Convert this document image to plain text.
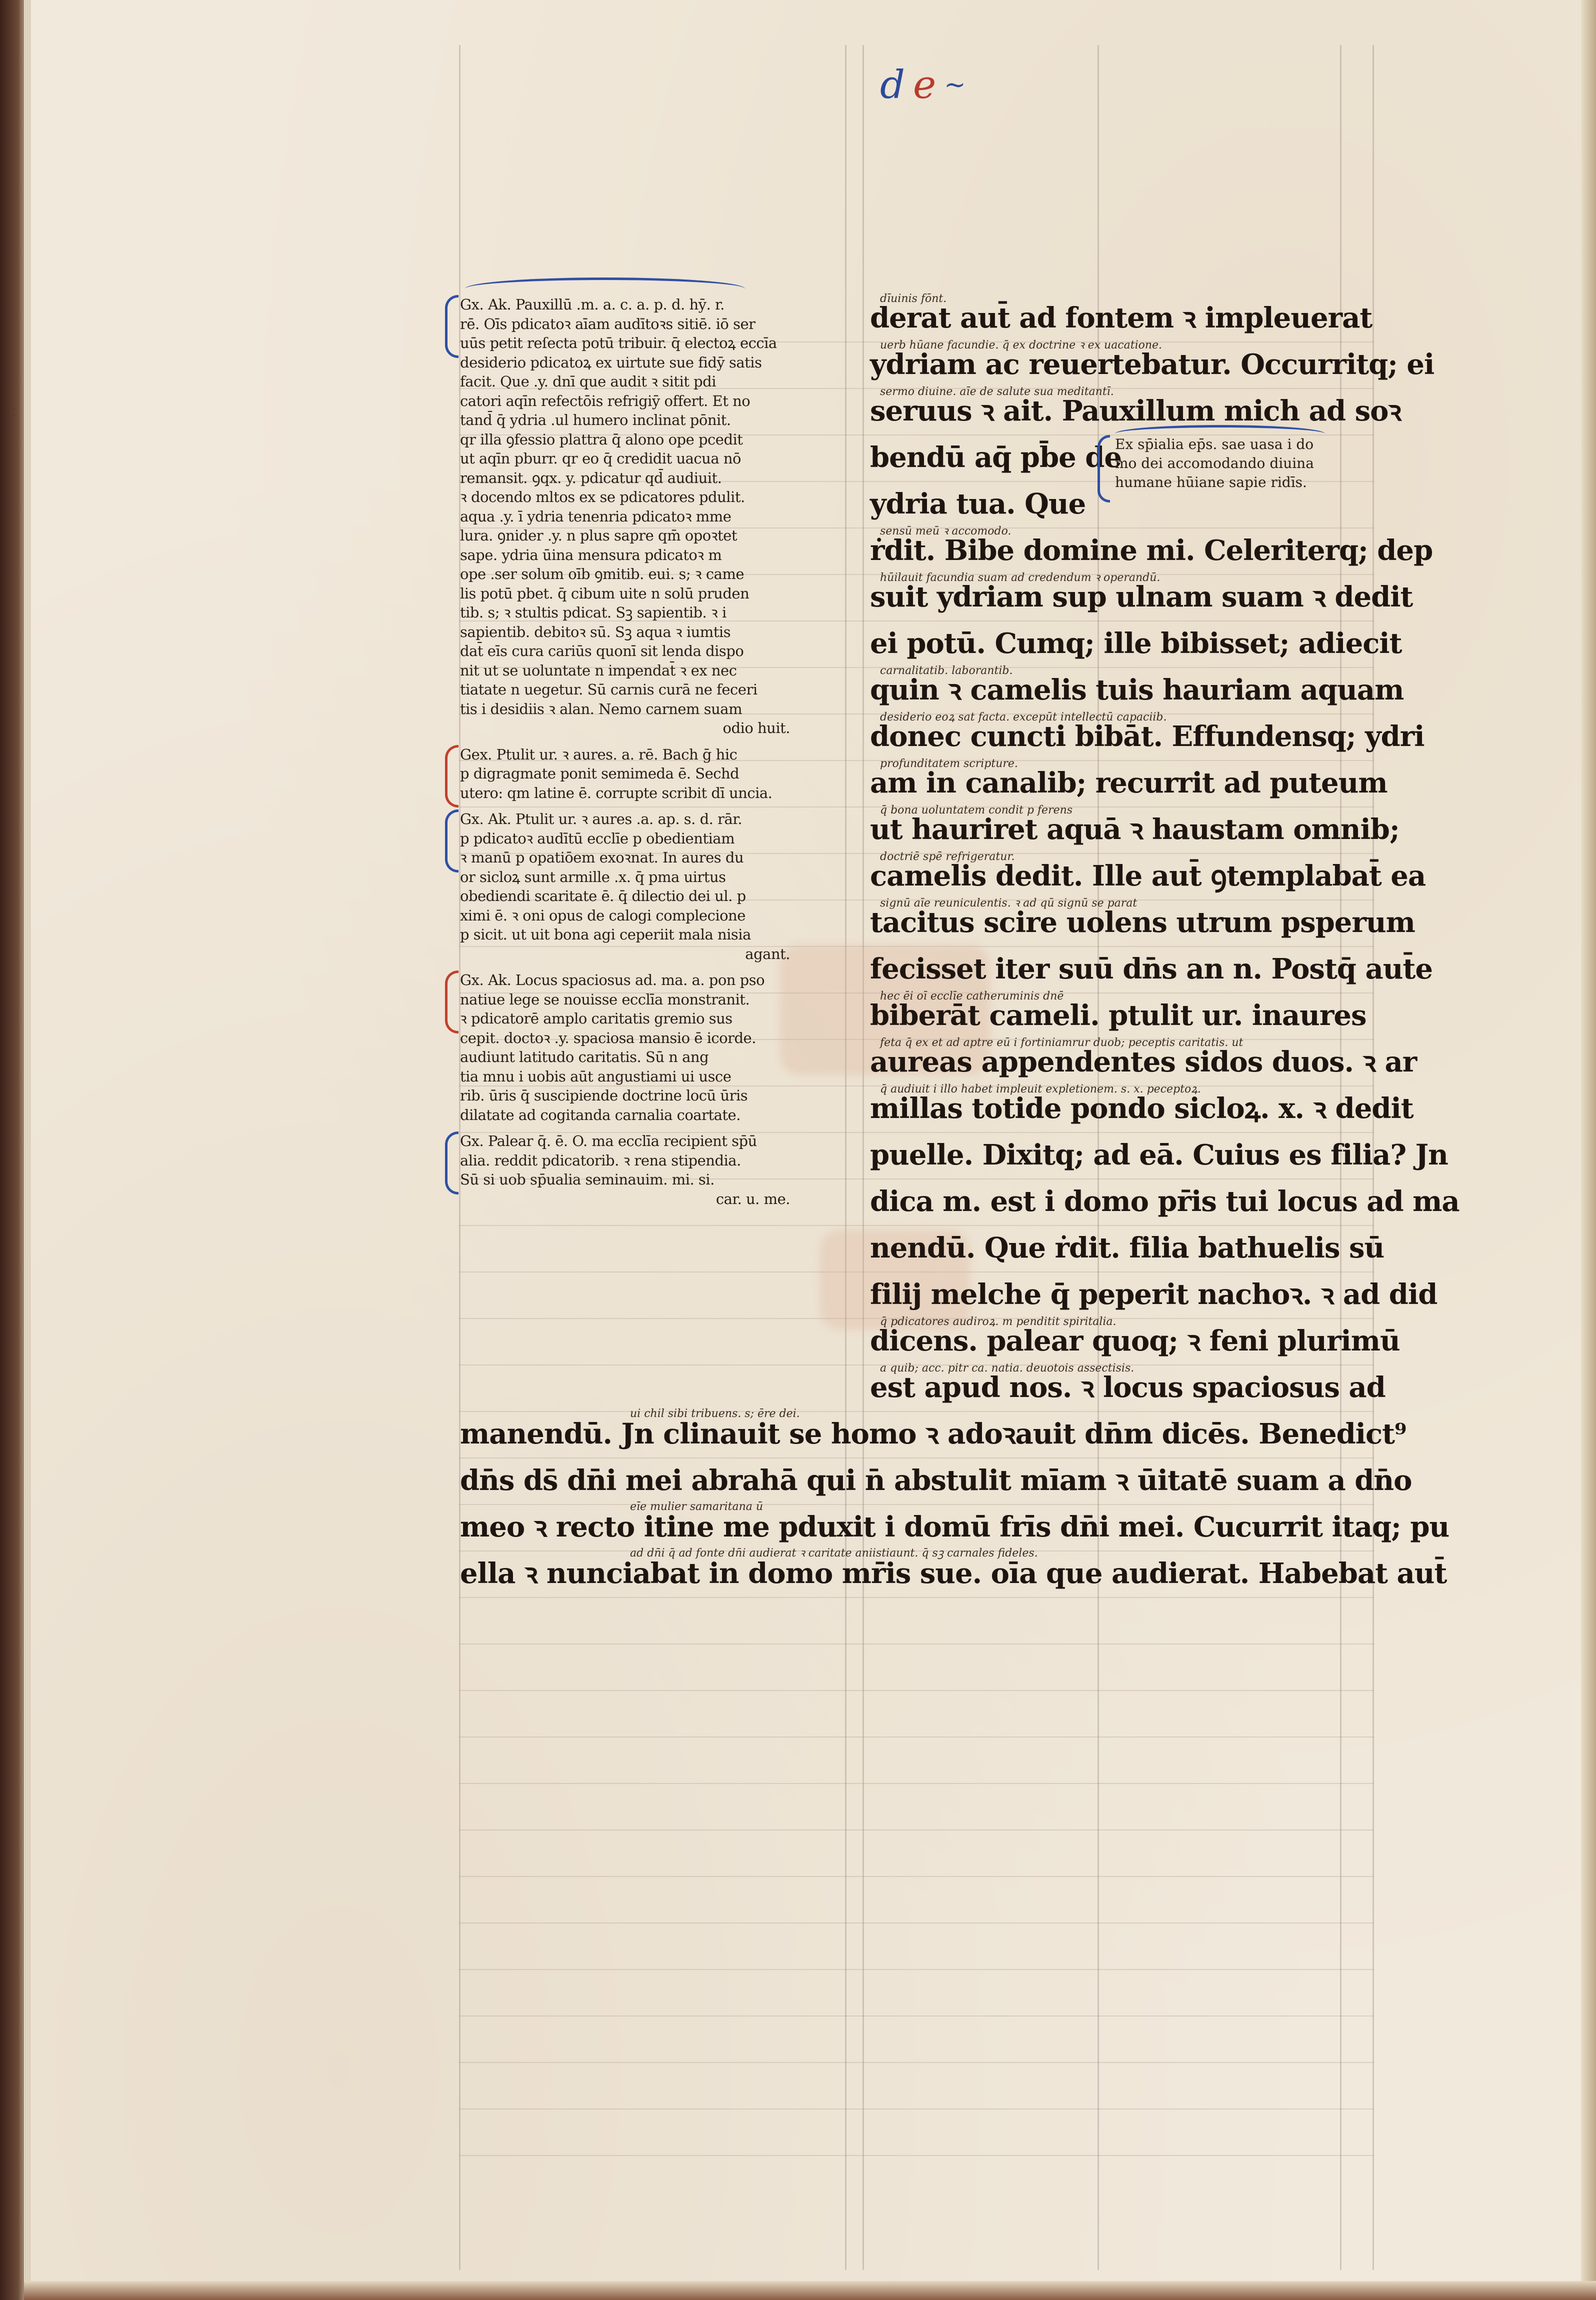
‹
d e ~
Gx. Ak. Pauxillū .m. a. c. a. p. d. hȳ. r.
rē. Oīs pdicatoꝛ aīam audītoꝛs sitiē. iō ser
uūs petit reſecta potū tribuir. q̄ electoꝝ eccīa
desiderio pdicatoꝝ ex uirtute sue fidȳ satis
facit. Que .y. dnī que audit ꝛ sitit pdi
catori aqīn refectōis refrigiȳ offert. Et no
tand̄ q̄ ydria .ul humero inclinat pōnit.
qr illa ꝯfessio plattra q̄ alono ope pcedit
ut aqīn pburr. qr eo q̄ credidit uacua nō
remansit. ꝯqx. y. pdicatur qd̄ audiuit.
ꝛ docendo mltos ex se pdicatores pdulit.
aqua .y. ī ydria tenenria pdicatoꝛ mme
lura. ꝯnider .y. n plus sapre qm̄ opoꝛtet
sape. ydria ūina mensura pdicatoꝛ m
ope .ser solum oīb ꝯmitib. eui. s; ꝛ came
lis potū pbet. q̄ cibum uite n solū pruden
tib. s; ꝛ stultis pdicat. Sꝫ sapientib. ꝛ i
sapientib. debitoꝛ sū. Sꝫ aqua ꝛ iumtis
dat̄ eīs cura cariūs quonī sit lenda dispo
nit ut se uoluntate n impendat̄ ꝛ ex nec
tiatate n uegetur. Sū carnis curā ne feceri
tis i desidiis ꝛ alan. Nemo carnem suam
odio huit.
Gex. Ptulit ur. ꝛ aures. a. rē. Bach ḡ hic
p digragmate ponit semimeda ē. Sechd
utero: qm latine ē. corrupte scribit dī uncia.
Gx. Ak. Ptulit ur. ꝛ aures .a. ap. s. d. rār.
p pdicatoꝛ audītū ecclīe p obedientiam
ꝛ manū p opatiōem exoꝛnat. In aures du
or sicloꝝ sunt armille .x. q̄ pma uirtus
obediendi scaritate ē. q̄ dilectio dei ul. p
ximi ē. ꝛ oni opus de calogi complecione
p sicit. ut uit bona agi ceperiit mala nisia
agant.
Gx. Ak. Locus spaciosus ad. ma. a. pon pso
natiue lege se nouisse ecclīa monstranit.
ꝛ pdicatorē amplo caritatis gremio sus
cepit. doctoꝛ .y. spaciosa mansio ē icorde.
audiunt latitudo caritatis. Sū n ang
tia mnu i uobis aūt angustiami ui usce
rib. ūris q̄ suscipiende doctrine locū ūris
dilatate ad cogitanda carnalia coartate.
Gx. Palear q̄. ē. O. ma ecclīa recipient sp̄ū
alia. reddit pdicatorib. ꝛ rena stipendia.
Sū si uob sp̄ualia seminauim. mi. si.
car. u. me.
derat aut̄ ad fontem ꝛ impleuerat
dīuinis fōnt.
ydriam ac reuertebatur. Occurritq; ei
uerb hūane facundie. q̄ ex doctrine ꝛ ex uacatione.
seruus ꝛ ait. Pauxillum mich ad soꝛ
sermo diuine. aīe de salute sua meditantī.
bendū aq̄ pb̄e de
ydria tua. Que
ṙdit. Bibe domine mi. Celeriterq; dep
sensū meū ꝛ accomodo.
suit ydriam sup ulnam suam ꝛ dedit
hūilauit facundia suam ad credendum ꝛ operandū.
ei potū. Cumq; ille bibisset; adiecit
quin ꝛ camelis tuis hauriam aquam
carnalitatib. laborantib.
donec cuncti bibāt. Effundensq; ydri
desiderio eoꝝ sat facta. excepūt intellectū capaciib.
am in canalib; recurrit ad puteum
profunditatem scripture.
ut hauriret aquā ꝛ haustam omnib;
q̄ bona uoluntatem condit p ferens
camelis dedit. Ille aut̄ ꝯtemplabat̄ ea
doctriē spē refrigeratur.
tacitus scire uolens utrum psperum
signū aīe reuniculentis. ꝛ ad qū signū se parat
fecisset iter suū dn̄s an n. Postq̄ aut̄e
biberāt cameli. ptulit ur. inaures
hec ēi oī ecclīe catheruminis dnē
aureas appendentes sidos duos. ꝛ ar
feta q̄ ex et ad aptre eū i fortiniamrur duob; peceptis caritatis. ut
millas totide pondo sicloꝝ. x. ꝛ dedit
q̄ audiuit i illo habet impleuit expletionem. s. x. peceptoꝝ.
puelle. Dixitq; ad eā. Cuius es filia? Jn
dica m. est i domo pr̄is tui locus ad ma
nendū. Que ṙdit. filia bathuelis sū
filij melche q̄ peperit nachoꝛ. ꝛ ad did
dicens. palear quoq; ꝛ feni plurimū
q̄ pdicatores audiroꝝ. m penditit spiritalia.
est apud nos. ꝛ locus spaciosus ad
a quib; acc. pitr ca. natia. deuotois assectisis.
Ex sp̄ialia ep̄s. sae uasa i do
mo dei accomodando diuina
humane hūiane sapie ridīs.
manendū. Jn clinauit se homo ꝛ adoꝛauit dn̄m dicēs. Benedict⁹
ui chil sibi tribuens. s; ēre dei.
dn̄s ds̄ dn̄i mei abrahā qui n̄ abstulit mīam ꝛ ūitatē suam a dn̄o
meo ꝛ recto itine me pduxit i domū frīs dn̄i mei. Cucurrit itaq; pu
eīe mulier samaritana ū
ella ꝛ nunciabat in domo mr̄is sue. oīa que audierat. Habebat aut̄
ad dn̄i q̄ ad fonte dn̄i audierat ꝛ caritate aniistiaunt. q̄ sꝫ carnales fideles.
